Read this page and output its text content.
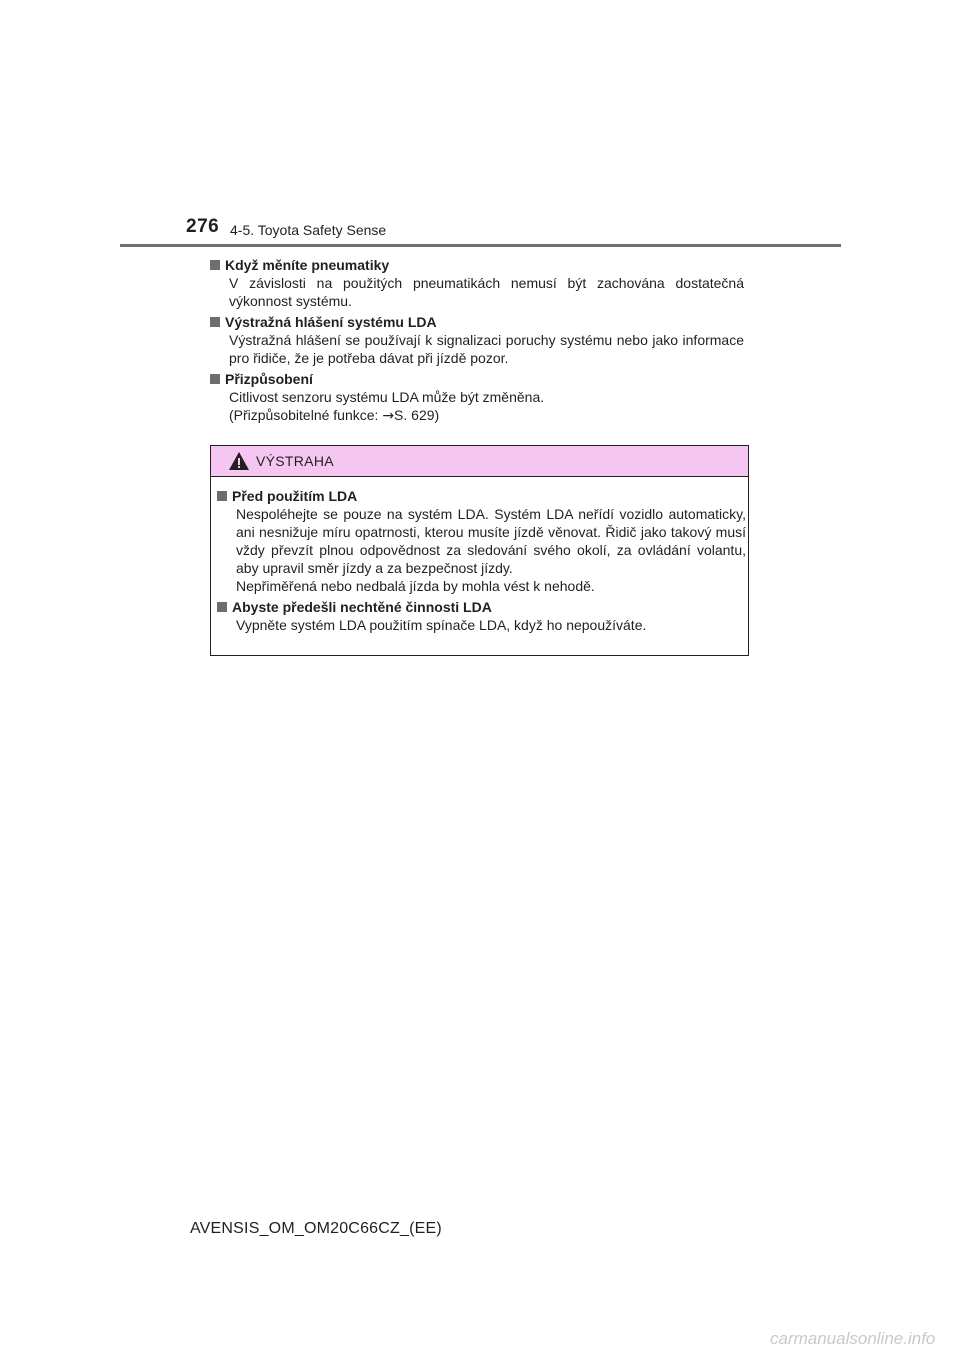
276 4-5. Toyota Safety Sense
Když měníte pneumatiky
V závislosti na použitých pneumatikách nemusí být zachována dostatečná výkonnost systému.
Výstražná hlášení systému LDA
Výstražná hlášení se používají k signalizaci poruchy systému nebo jako informace pro řidiče, že je potřeba dávat při jízdě pozor.
Přizpůsobení
Citlivost senzoru systému LDA může být změněna.
(Přizpůsobitelné funkce: →S. 629)
VÝSTRAHA
Před použitím LDA
Nespoléhejte se pouze na systém LDA. Systém LDA neřídí vozidlo automaticky, ani nesnižuje míru opatrnosti, kterou musíte jízdě věnovat. Řidič jako takový musí vždy převzít plnou odpovědnost za sledování svého okolí, za ovládání volantu, aby upravil směr jízdy a za bezpečnost jízdy.
Nepřiměřená nebo nedbalá jízda by mohla vést k nehodě.
Abyste předešli nechtěné činnosti LDA
Vypněte systém LDA použitím spínače LDA, když ho nepoužíváte.
AVENSIS_OM_OM20C66CZ_(EE)
carmanualsonline.info
